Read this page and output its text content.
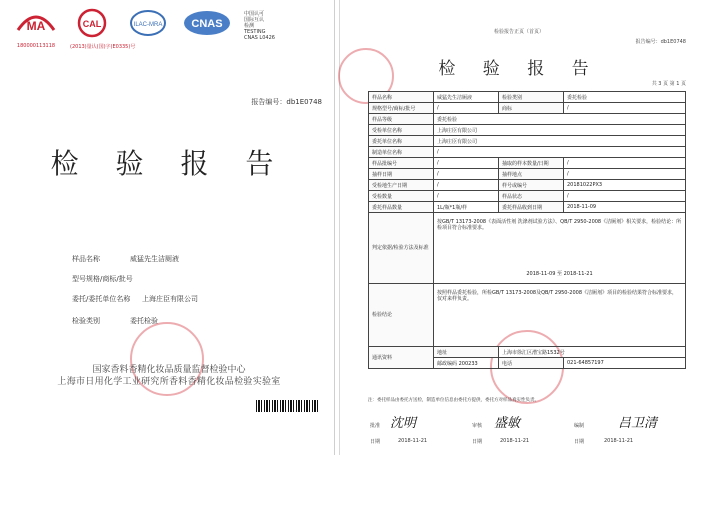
MA
180000113118
CAL
(2013)量认(国)字(E0335)号
ILAC-MRA	CNAS
中国认可
国际互认
检测
TESTING
CNAS L0426
报告编号：db1E0748
检 验 报 告
样品名称	威猛先生洁厕液
型号规格/商标/批号
委托/委托单位名称 上海庄臣有限公司
检验类别	委托检验
国家香料香精化妆品质量监督检验中心
上海市日用化学工业研究所香料香精化妆品检验实验室
检验报告正页（首页）
报告编号：db1E0748
检 验 报 告
共 3 页 第 1 页
样品名称	威猛先生洁厕液	检验类别	委托检验
规格型号/商标/批号	/	商标	/
样品等级	委托检验		
受检单位名称	上海庄臣有限公司		
委托单位名称	上海庄臣有限公司		
制造单位名称	/		
样品批编号	/	抽取的样本数量/日期	/
抽样日期	/	抽样地点	/
受检地生产日期	/	样号或编号	20181022PX3
受检数量	/	样品状态	/
委托样品数量	1L/瓶*1瓶/样	委托样品收到日期	2018-11-09
判定依据/检验方法及标准	按GB/T 13173-2008《表面活性剂 洗涤剂试验方法》、QB/T 2950-2008《洁厕剂》相关要求，检验结论：所检项目符合标准要求。
2018-11-09 至 2018-11-21		

检验结论	按照样品委托检验，所检GB/T 13173-2008及QB/T 2950-2008《洁厕剂》项目的检验结果符合标准要求，仅对来样负责。		
通讯资料	地址	上海市徐汇区漕宝路1532号	
	邮政编码 200233	电话	021-64857197
注：委托样品由委托方送检，制造单位信息由委托方提供，委托方对样品真实性负责。
批准 沈明
日期	2018-11-21
审核 盛敏
日期	2018-11-21
编制	吕卫清
日期	2018-11-21
